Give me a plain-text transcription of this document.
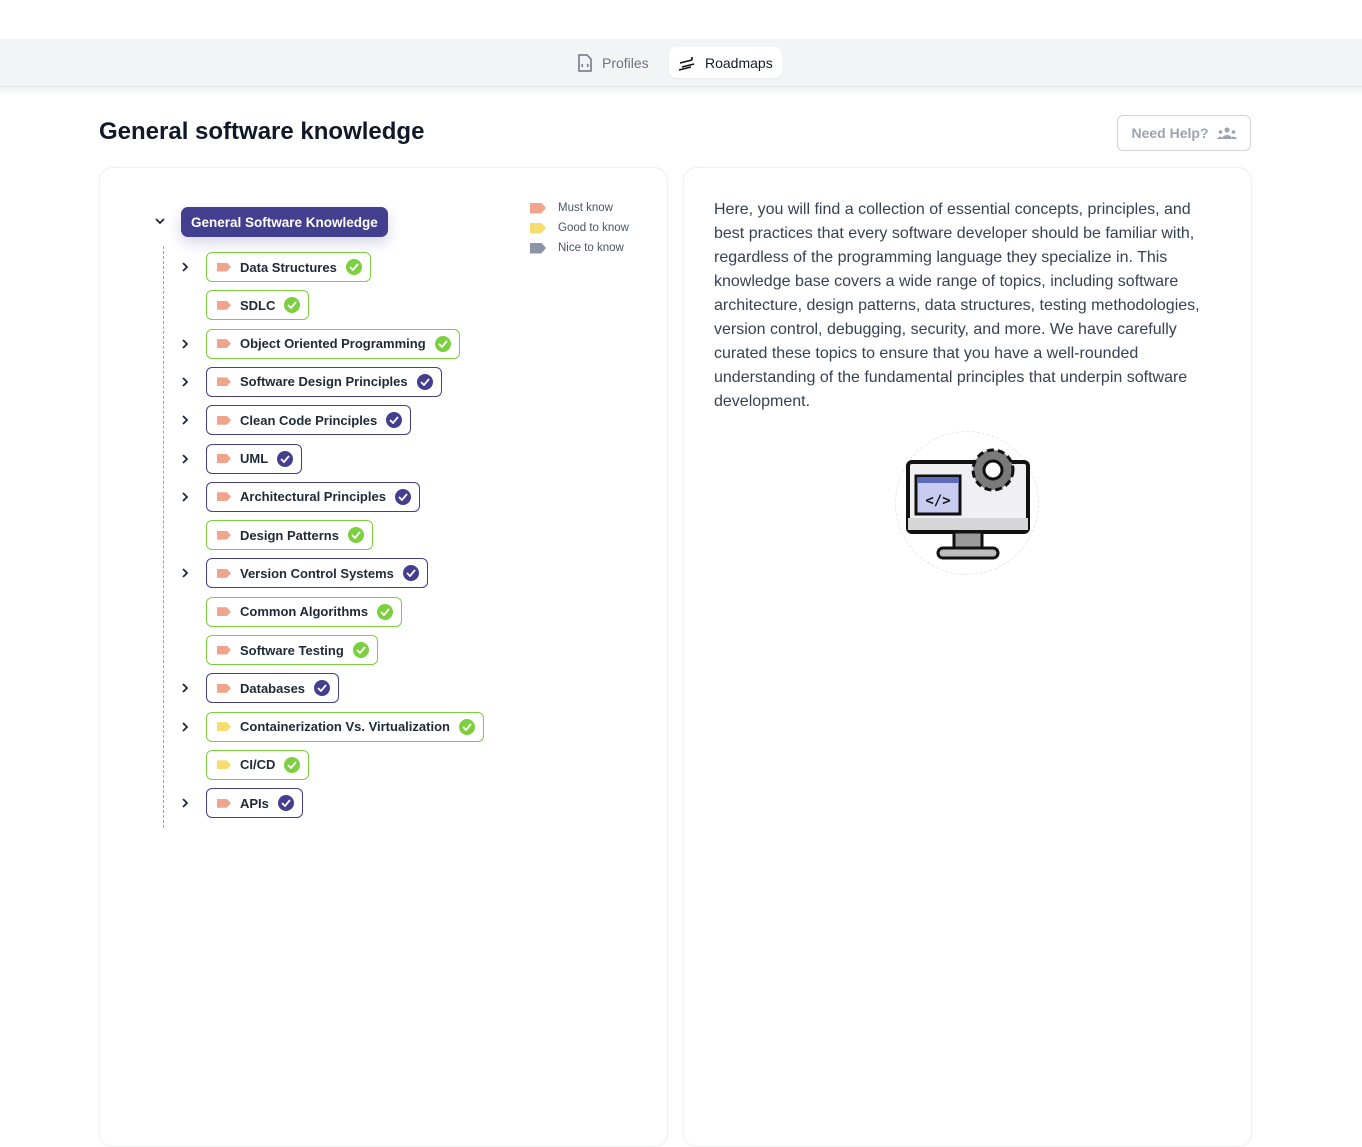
Profiles	Roadmaps
General software knowledge	Need Help?
General Software Knowledge
Data Structures
SDLC
Object Oriented Programming
Software Design Principles
Clean Code Principles
UML
Architectural Principles
Design Patterns
Version Control Systems
Common Algorithms
Software Testing
Databases
Containerization Vs. Virtualization
CI/CD
APIs
Must know
Good to know
Nice to know

Here, you will find a collection of essential concepts, principles, and best practices that every software developer should be familiar with, regardless of the programming language they specialize in. This knowledge base covers a wide range of topics, including software architecture, design patterns, data structures, testing methodologies, version control, debugging, security, and more. We have carefully curated these topics to ensure that you have a well-rounded understanding of the fundamental principles that underpin software development.

</>
